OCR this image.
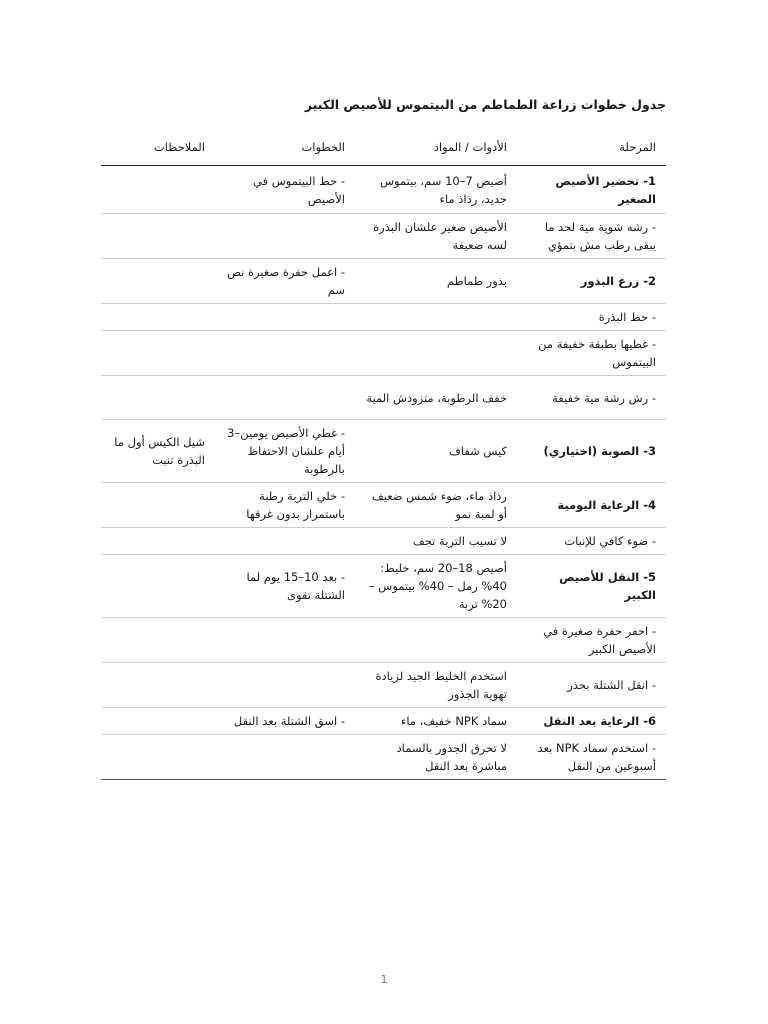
جدول خطوات زراعة الطماطم من البيتموس للأصيص الكبير
المرحلة	الأدوات / المواد	الخطوات	الملاحظات
1- تحضير الأصيص الصغير	أصيص 7–10 سم، بيتموس جديد، رذاذ ماء	- حط البيتموس في الأصيص	
- رشه شوية مية لحد ما يبقى رطب مش بتمؤي	الأصيص صغير علشان البذرة لسه ضعيفة		
2- زرع البذور	بذور طماطم	- اعمل حفرة صغيرة نص سم	
- حط البذرة			
- غطيها بطبقة خفيفة من البيتموس			
- رش رشة مية خفيفة	خفف الرطوبة، متزودش المية		
3- الصوبة (اختياري)	كيس شفاف	- غطي الأصيص يومين–3 أيام علشان الاحتفاظ بالرطوبة	شيل الكيس أول ما البذرة تنبت
4- الرعاية اليومية	رذاذ ماء، ضوء شمس ضعيف أو لمبة نمو	- خلي التربة رطبة باستمرار بدون غرقها	
- ضوء كافي للإنبات	لا تسيب التربة تجف		
5- النقل للأصيص الكبير	أصيص 18–20 سم، خليط: 40% رمل – 40% بيتموس – 20% تربة	- بعد 10–15 يوم لما الشتلة تقوى	
- احفر حفرة صغيرة في الأصيص الكبير			
- انقل الشتلة بحذر	استخدم الخليط الجيد لزيادة تهوية الجذور		
6- الرعاية بعد النقل	سماد NPK خفيف، ماء	- اسق الشتلة بعد النقل	
- استخدم سماد NPK بعد أسبوعين من النقل	لا تحرق الجذور بالسماد مباشرة بعد النقل		
1
